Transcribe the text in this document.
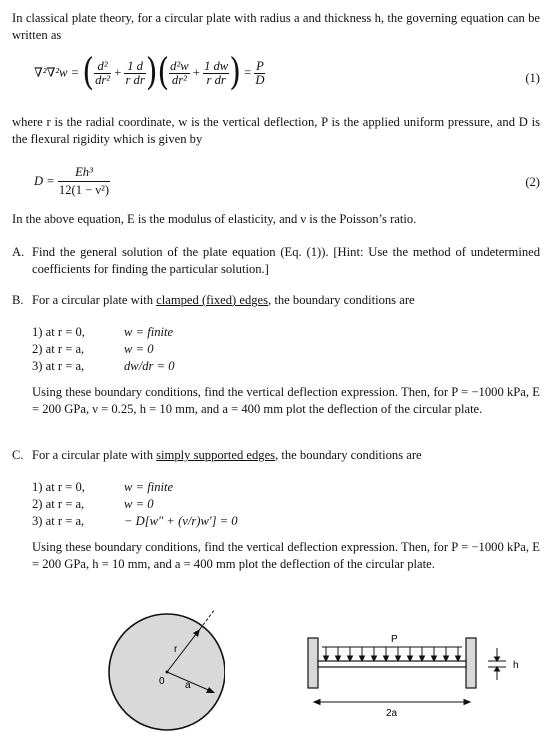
In classical plate theory, for a circular plate with radius a and thickness h, the governing equation can be written as

∇²∇²w = ( $\frac{\text{d²}}{\text{dr²}} + \frac{1 d}{\text{r dr}}$ )( $\frac{\text{d²w}}{\text{dr²}} + \frac{1 dw}{\text{r dr}}$ ) = $\frac{P}{D}$	(1)

where r is the radial coordinate, w is the vertical deflection, P is the applied uniform pressure, and D is the flexural rigidity which is given by

$D = \frac{\text{Eh³}}{\text{12(1 − ν²)}}$	(2)

In the above equation, E is the modulus of elasticity, and ν is the Poisson’s ratio.

A. Find the general solution of the plate equation (Eq. (1)). [Hint: Use the method of undetermined coefficients for finding the particular solution.]

B. For a circular plate with clamped (fixed) edges, the boundary conditions are

1) at r = 0,	w = finite
2) at r = a,	w = 0
3) at r = a,	dw/dr = 0

Using these boundary conditions, find the vertical deflection expression. Then, for P = −1000 kPa, E = 200 GPa, ν = 0.25, h = 10 mm, and a = 400 mm plot the deflection of the circular plate.

C. For a circular plate with simply supported edges, the boundary conditions are

1) at r = 0,	w = finite
2) at r = a,	w = 0
3) at r = a,	− D[w″ + (ν/r)w′] = 0

Using these boundary conditions, find the vertical deflection expression. Then, for P = −1000 kPa, E = 200 GPa, h = 10 mm, and a = 400 mm plot the deflection of the circular plate.

r
0 a
P
h
2a
